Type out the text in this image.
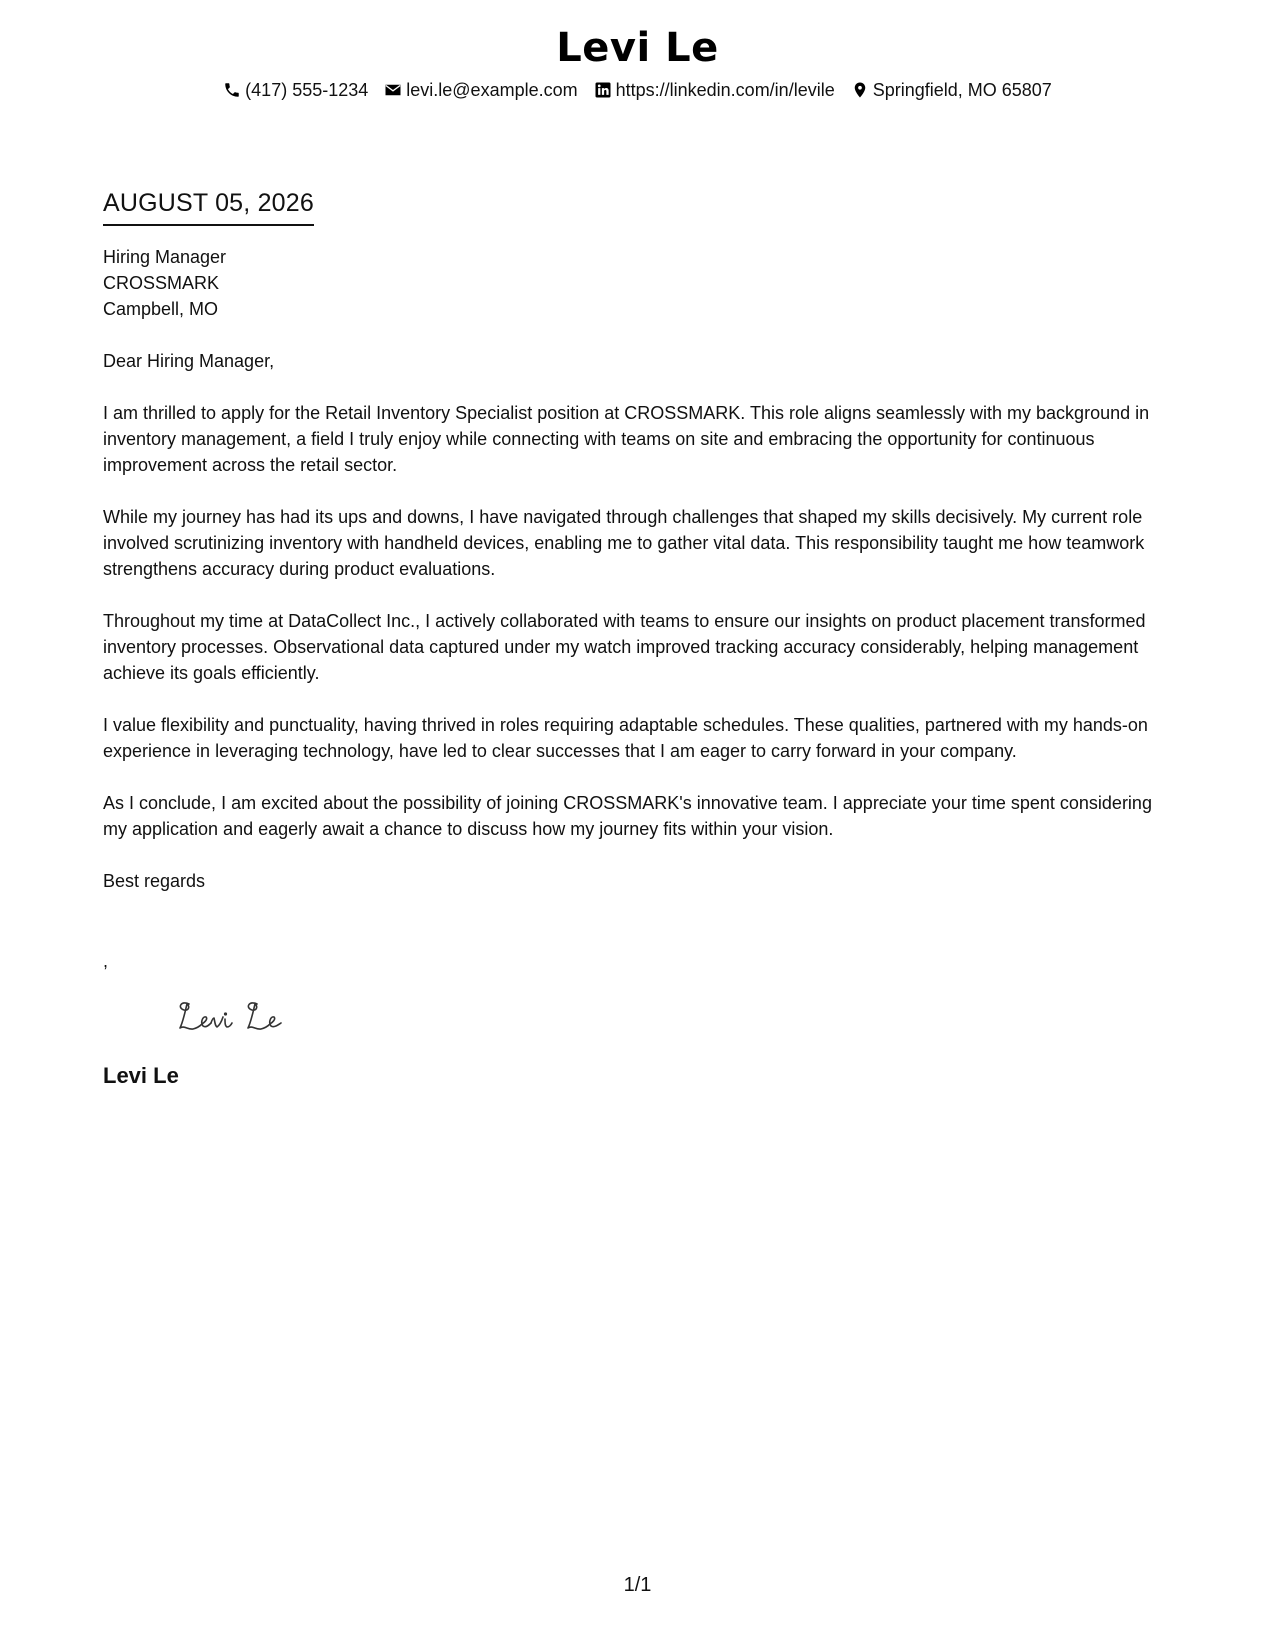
Levi Le
(417) 555-1234 levi.le@example.com https://linkedin.com/in/levile Springfield, MO 65807
AUGUST 05, 2026
Hiring Manager
CROSSMARK
Campbell, MO
Dear Hiring Manager,
I am thrilled to apply for the Retail Inventory Specialist position at CROSSMARK. This role aligns seamlessly with my background in inventory management, a field I truly enjoy while connecting with teams on site and embracing the opportunity for continuous improvement across the retail sector.
While my journey has had its ups and downs, I have navigated through challenges that shaped my skills decisively. My current role involved scrutinizing inventory with handheld devices, enabling me to gather vital data. This responsibility taught me how teamwork strengthens accuracy during product evaluations.
Throughout my time at DataCollect Inc., I actively collaborated with teams to ensure our insights on product placement transformed inventory processes. Observational data captured under my watch improved tracking accuracy considerably, helping management achieve its goals efficiently.
I value flexibility and punctuality, having thrived in roles requiring adaptable schedules. These qualities, partnered with my hands-on experience in leveraging technology, have led to clear successes that I am eager to carry forward in your company.
As I conclude, I am excited about the possibility of joining CROSSMARK's innovative team. I appreciate your time spent considering my application and eagerly await a chance to discuss how my journey fits within your vision.
Best regards
,
Levi Le
1/1
